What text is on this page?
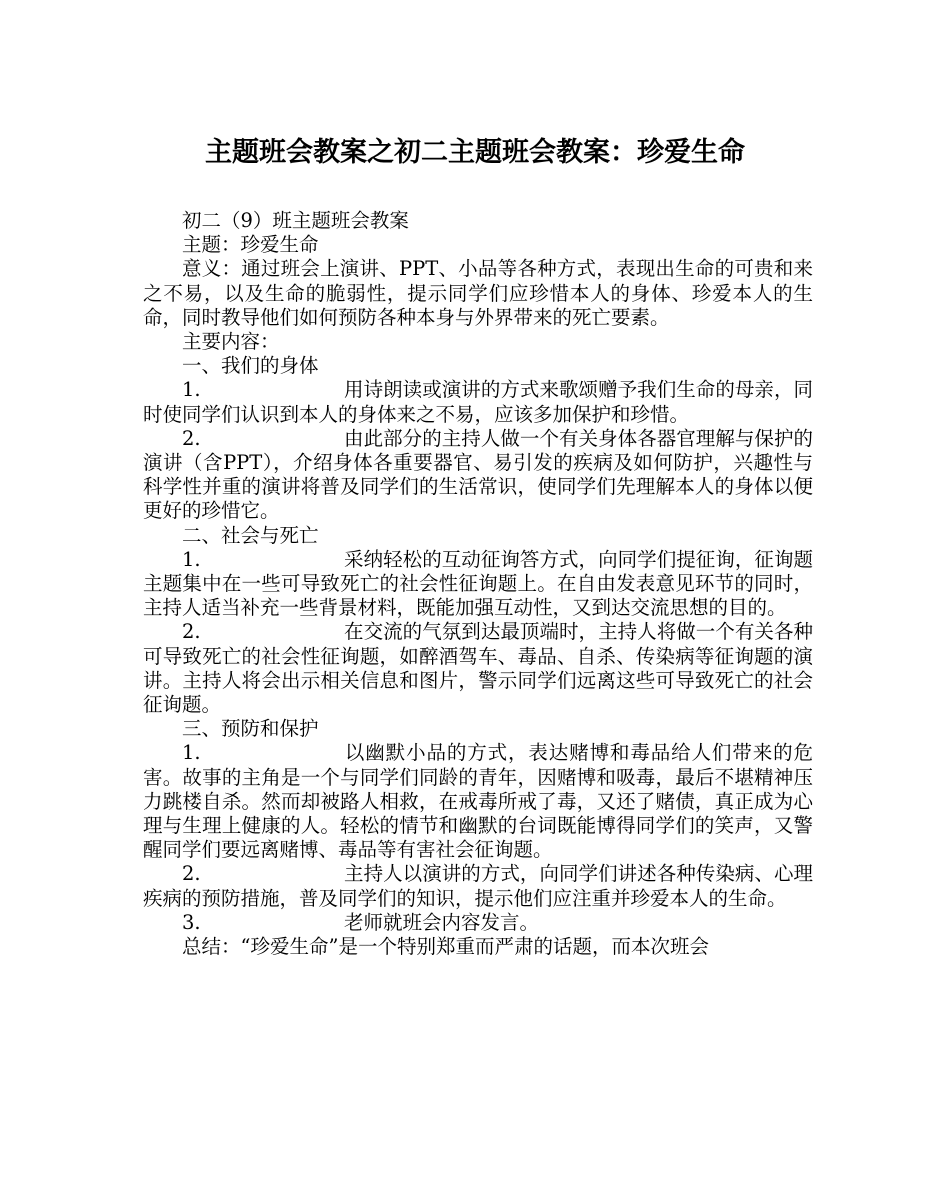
主题班会教案之初二主题班会教案：珍爱生命

初二（9）班主题班会教案

主题：珍爱生命

意义：通过班会上演讲、PPT、小品等各种方式，表现出生命的可贵和来之不易，以及生命的脆弱性，提示同学们应珍惜本人的身体、珍爱本人的生命，同时教导他们如何预防各种本身与外界带来的死亡要素。

主要内容：

一、我们的身体

1.	用诗朗读或演讲的方式来歌颂赠予我们生命的母亲，同时使同学们认识到本人的身体来之不易，应该多加保护和珍惜。

2.	由此部分的主持人做一个有关身体各器官理解与保护的演讲（含PPT），介绍身体各重要器官、易引发的疾病及如何防护，兴趣性与科学性并重的演讲将普及同学们的生活常识，使同学们先理解本人的身体以便更好的珍惜它。

二、社会与死亡

1.	采纳轻松的互动征询答方式，向同学们提征询，征询题主题集中在一些可导致死亡的社会性征询题上。在自由发表意见环节的同时，主持人适当补充一些背景材料，既能加强互动性，又到达交流思想的目的。

2.	在交流的气氛到达最顶端时，主持人将做一个有关各种可导致死亡的社会性征询题，如醉酒驾车、毒品、自杀、传染病等征询题的演讲。主持人将会出示相关信息和图片，警示同学们远离这些可导致死亡的社会征询题。

三、预防和保护

1.	以幽默小品的方式，表达赌博和毒品给人们带来的危害。故事的主角是一个与同学们同龄的青年，因赌博和吸毒，最后不堪精神压力跳楼自杀。然而却被路人相救，在戒毒所戒了毒，又还了赌债，真正成为心理与生理上健康的人。轻松的情节和幽默的台词既能博得同学们的笑声，又警醒同学们要远离赌博、毒品等有害社会征询题。

2.	主持人以演讲的方式，向同学们讲述各种传染病、心理疾病的预防措施，普及同学们的知识，提示他们应注重并珍爱本人的生命。

3.	老师就班会内容发言。

总结：“珍爱生命”是一个特别郑重而严肃的话题，而本次班会
